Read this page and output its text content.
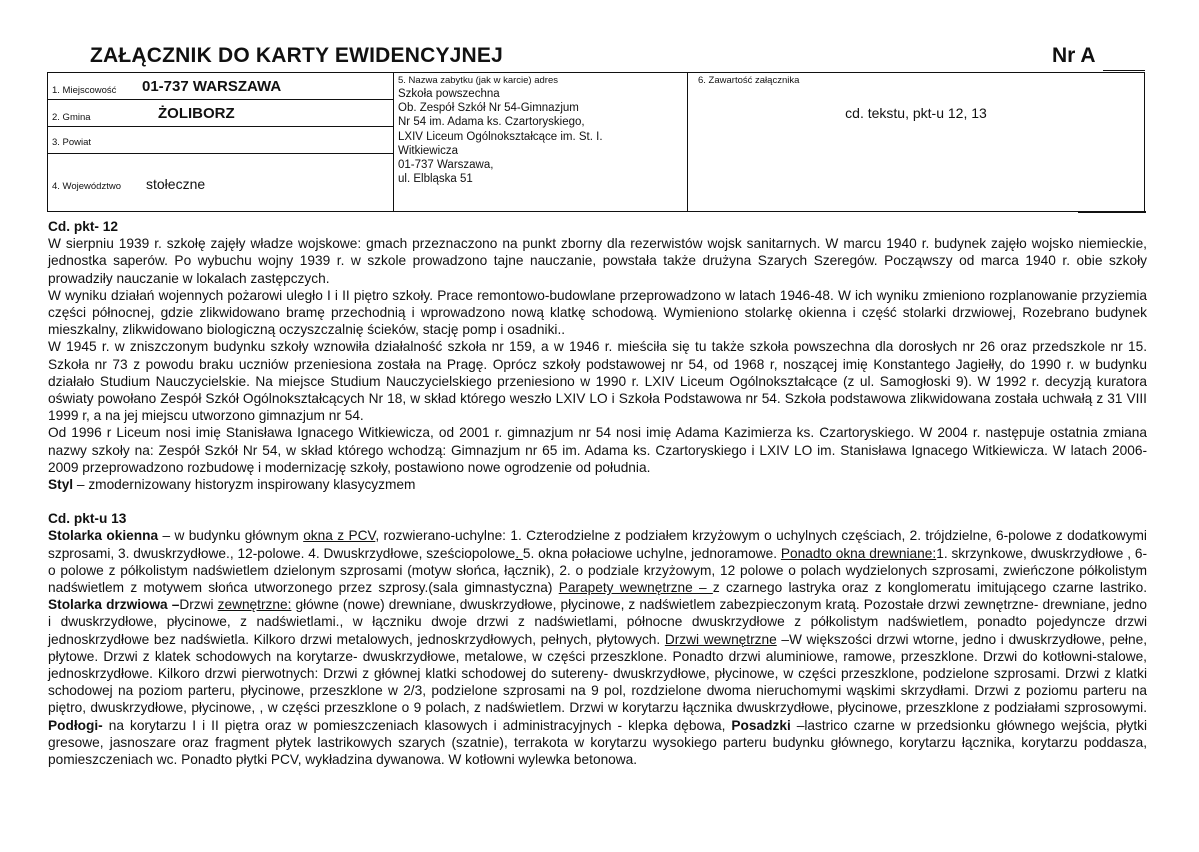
ZAŁĄCZNIK DO KARTY EWIDENCYJNEJ	Nr A
1. Miejscowość 01-737 WARSZAWA
2. Gmina	ŻOLIBORZ
3. Powiat
4. Województwo stołeczne
5. Nazwa zabytku (jak w karcie) adres
Szkoła powszechna
Ob. Zespół Szkół Nr 54-Gimnazjum
Nr 54 im. Adama ks. Czartoryskiego,
LXIV Liceum Ogólnokształcące im. St. I.
Witkiewicza
01-737 Warszawa,
ul. Elbląska 51
6. Zawartość załącznika
cd. tekstu, pkt-u 12, 13

Cd. pkt- 12

W sierpniu 1939 r. szkołę zajęły władze wojskowe: gmach przeznaczono na punkt zborny dla rezerwistów wojsk sanitarnych. W marcu 1940 r. budynek zajęło wojsko niemieckie, jednostka saperów. Po wybuchu wojny 1939 r. w szkole prowadzono tajne nauczanie, powstała także drużyna Szarych Szeregów. Począwszy od marca 1940 r. obie szkoły prowadziły nauczanie w lokalach zastępczych.

W wyniku działań wojennych pożarowi uległo I i II piętro szkoły. Prace remontowo-budowlane przeprowadzono w latach 1946-48. W ich wyniku zmieniono rozplanowanie przyziemia części północnej, gdzie zlikwidowano bramę przechodnią i wprowadzono nową klatkę schodową. Wymieniono stolarkę okienna i część stolarki drzwiowej, Rozebrano budynek mieszkalny, zlikwidowano biologiczną oczyszczalnię ścieków, stację pomp i osadniki..

W 1945 r. w zniszczonym budynku szkoły wznowiła działalność szkoła nr 159, a w 1946 r. mieściła się tu także szkoła powszechna dla dorosłych nr 26 oraz przedszkole nr 15. Szkoła nr 73 z powodu braku uczniów przeniesiona została na Pragę. Oprócz szkoły podstawowej nr 54, od 1968 r, noszącej imię Konstantego Jagiełły, do 1990 r. w budynku działało Studium Nauczycielskie. Na miejsce Studium Nauczycielskiego przeniesiono w 1990 r. LXIV Liceum Ogólnokształcące (z ul. Samogłoski 9). W 1992 r. decyzją kuratora oświaty powołano Zespół Szkół Ogólnokształcących Nr 18, w skład którego weszło LXIV LO i Szkoła Podstawowa nr 54. Szkoła podstawowa zlikwidowana została uchwałą z 31 VIII 1999 r, a na jej miejscu utworzono gimnazjum nr 54.

Od 1996 r Liceum nosi imię Stanisława Ignacego Witkiewicza, od 2001 r. gimnazjum nr 54 nosi imię Adama Kazimierza ks. Czartoryskiego. W 2004 r. następuje ostatnia zmiana nazwy szkoły na: Zespół Szkół Nr 54, w skład którego wchodzą: Gimnazjum nr 65 im. Adama ks. Czartoryskiego i LXIV LO im. Stanisława Ignacego Witkiewicza. W latach 2006-2009 przeprowadzono rozbudowę i modernizację szkoły, postawiono nowe ogrodzenie od południa.

Styl – zmodernizowany historyzm inspirowany klasycyzmem

Cd. pkt-u 13

Stolarka okienna – w budynku głównym okna z PCV, rozwierano-uchylne: 1. Czterodzielne z podziałem krzyżowym o uchylnych częściach, 2. trójdzielne, 6-polowe z dodatkowymi szprosami, 3. dwuskrzydłowe., 12-polowe. 4. Dwuskrzydłowe, sześciopolowe. 5. okna połaciowe uchylne, jednoramowe. Ponadto okna drewniane:1. skrzynkowe, dwuskrzydłowe , 6-o polowe z półkolistym nadświetlem dzielonym szprosami (motyw słońca, łącznik), 2. o podziale krzyżowym, 12 polowe o polach wydzielonych szprosami, zwieńczone półkolistym nadświetlem z motywem słońca utworzonego przez szprosy.(sala gimnastyczna) Parapety wewnętrzne – z czarnego lastryka oraz z konglomeratu imitującego czarne lastriko. Stolarka drzwiowa –Drzwi zewnętrzne: główne (nowe) drewniane, dwuskrzydłowe, płycinowe, z nadświetlem zabezpieczonym kratą. Pozostałe drzwi zewnętrzne- drewniane, jedno i dwuskrzydłowe, płycinowe, z nadświetlami., w łączniku dwoje drzwi z nadświetlami, północne dwuskrzydłowe z półkolistym nadświetlem, ponadto pojedyncze drzwi jednoskrzydłowe bez nadświetla. Kilkoro drzwi metalowych, jednoskrzydłowych, pełnych, płytowych. Drzwi wewnętrzne –W większości drzwi wtorne, jedno i dwuskrzydłowe, pełne, płytowe. Drzwi z klatek schodowych na korytarze- dwuskrzydłowe, metalowe, w części przeszklone. Ponadto drzwi aluminiowe, ramowe, przeszklone. Drzwi do kotłowni-stalowe, jednoskrzydłowe. Kilkoro drzwi pierwotnych: Drzwi z głównej klatki schodowej do sutereny- dwuskrzydłowe, płycinowe, w części przeszklone, podzielone szprosami. Drzwi z klatki schodowej na poziom parteru, płycinowe, przeszklone w 2/3, podzielone szprosami na 9 pol, rozdzielone dwoma nieruchomymi wąskimi skrzydłami. Drzwi z poziomu parteru na piętro, dwuskrzydłowe, płycinowe, , w części przeszklone o 9 polach, z nadświetlem. Drzwi w korytarzu łącznika dwuskrzydłowe, płycinowe, przeszklone z podziałami szprosowymi. Podłogi- na korytarzu I i II piętra oraz w pomieszczeniach klasowych i administracyjnych - klepka dębowa, Posadzki –lastrico czarne w przedsionku głównego wejścia, płytki gresowe, jasnoszare oraz fragment płytek lastrikowych szarych (szatnie), terrakota w korytarzu wysokiego parteru budynku głównego, korytarzu łącznika, korytarzu poddasza, pomieszczeniach wc. Ponadto płytki PCV, wykładzina dywanowa. W kotłowni wylewka betonowa.
